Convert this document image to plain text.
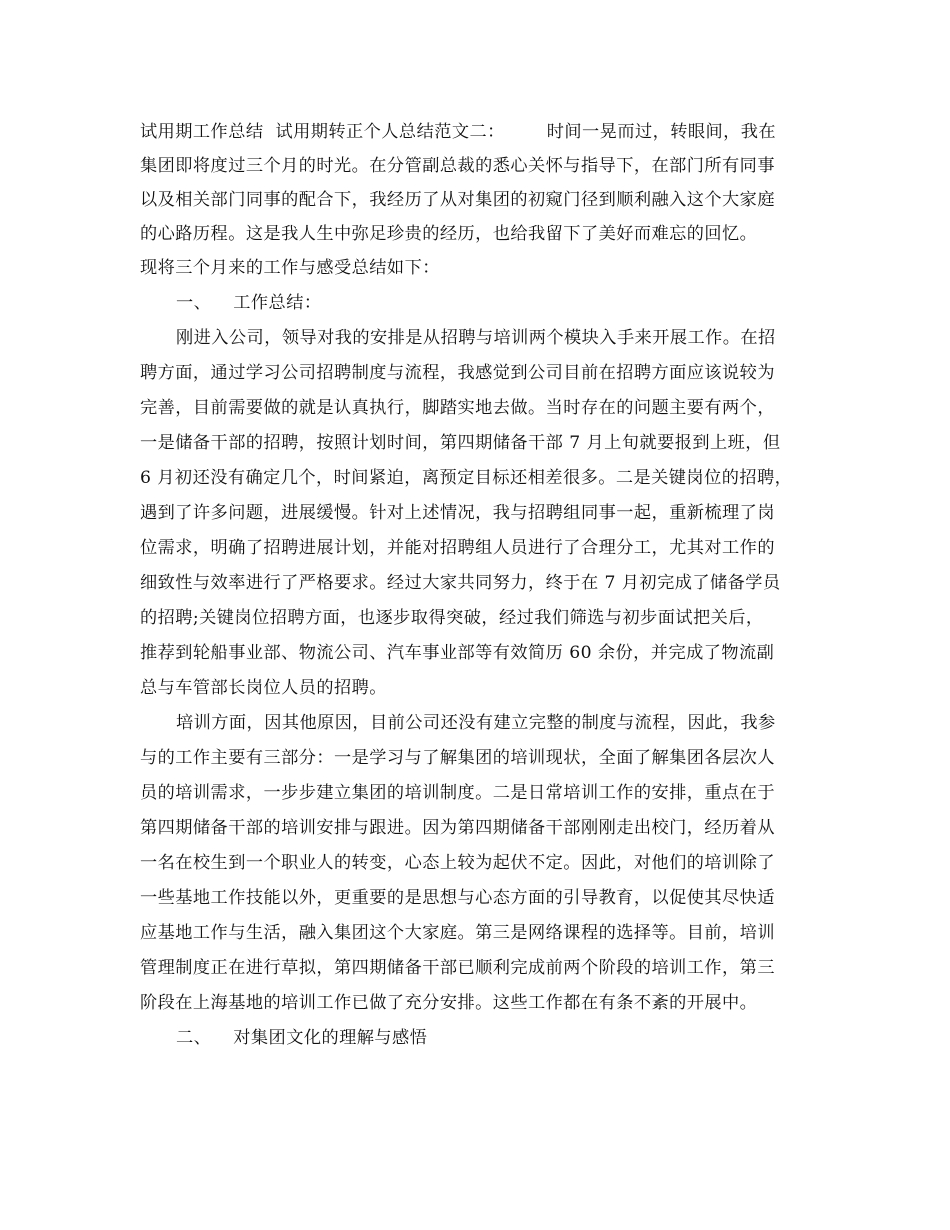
试用期工作总结 试用期转正个人总结范文二： 时间一晃而过，转眼间，我在
集团即将度过三个月的时光。在分管副总裁的悉心关怀与指导下，在部门所有同事
以及相关部门同事的配合下，我经历了从对集团的初窥门径到顺利融入这个大家庭
的心路历程。这是我人生中弥足珍贵的经历，也给我留下了美好而难忘的回忆。
现将三个月来的工作与感受总结如下：
一、 工作总结：
刚进入公司，领导对我的安排是从招聘与培训两个模块入手来开展工作。在招
聘方面，通过学习公司招聘制度与流程，我感觉到公司目前在招聘方面应该说较为
完善，目前需要做的就是认真执行，脚踏实地去做。当时存在的问题主要有两个，
一是储备干部的招聘，按照计划时间，第四期储备干部 7 月上旬就要报到上班，但
6 月初还没有确定几个，时间紧迫，离预定目标还相差很多。二是关键岗位的招聘，
遇到了许多问题，进展缓慢。针对上述情况，我与招聘组同事一起，重新梳理了岗
位需求，明确了招聘进展计划，并能对招聘组人员进行了合理分工，尤其对工作的
细致性与效率进行了严格要求。经过大家共同努力，终于在 7 月初完成了储备学员
的招聘;关键岗位招聘方面，也逐步取得突破，经过我们筛选与初步面试把关后，
推荐到轮船事业部、物流公司、汽车事业部等有效简历 60 余份，并完成了物流副
总与车管部长岗位人员的招聘。
培训方面，因其他原因，目前公司还没有建立完整的制度与流程，因此，我参
与的工作主要有三部分：一是学习与了解集团的培训现状，全面了解集团各层次人
员的培训需求，一步步建立集团的培训制度。二是日常培训工作的安排，重点在于
第四期储备干部的培训安排与跟进。因为第四期储备干部刚刚走出校门，经历着从
一名在校生到一个职业人的转变，心态上较为起伏不定。因此，对他们的培训除了
一些基地工作技能以外，更重要的是思想与心态方面的引导教育，以促使其尽快适
应基地工作与生活，融入集团这个大家庭。第三是网络课程的选择等。目前，培训
管理制度正在进行草拟，第四期储备干部已顺利完成前两个阶段的培训工作，第三
阶段在上海基地的培训工作已做了充分安排。这些工作都在有条不紊的开展中。
二、 对集团文化的理解与感悟
